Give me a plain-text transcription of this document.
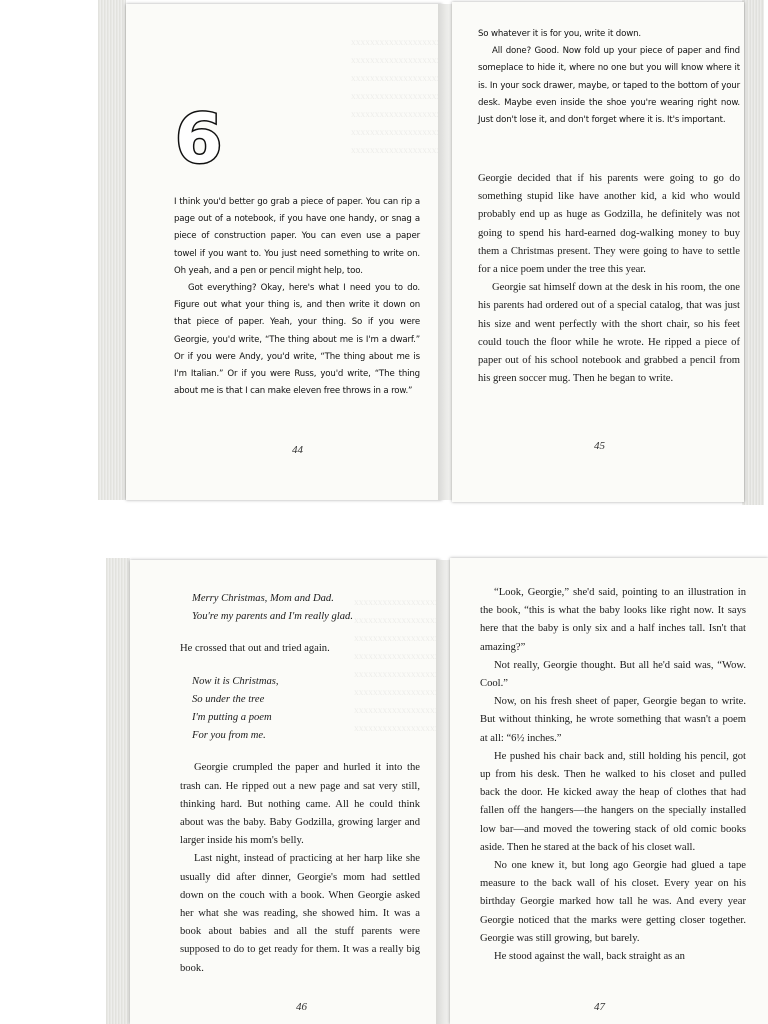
xxxxxxxxxxxxxxxxxxxxx
xxxxxxxxxxxxxxxxxxxxx
xxxxxxxxxxxxxxxxxxxxx
xxxxxxxxxxxxxxxxxxxxx
xxxxxxxxxxxxxxxxxxxxx
xxxxxxxxxxxxxxxxxxxxx
xxxxxxxxxxxxxxxxxxxxx
6

I think you'd better go grab a piece of paper. You can rip a page out of a notebook, if you have one handy, or snag a piece of construction paper. You can even use a paper towel if you want to. You just need something to write on. Oh yeah, and a pen or pencil might help, too.

Got everything? Okay, here's what I need you to do. Figure out what your thing is, and then write it down on that piece of paper. Yeah, your thing. So if you were Georgie, you'd write, “The thing about me is I'm a dwarf.” Or if you were Andy, you'd write, “The thing about me is I'm Italian.” Or if you were Russ, you'd write, “The thing about me is that I can make eleven free throws in a row.”

44

So whatever it is for you, write it down.

All done? Good. Now fold up your piece of paper and find someplace to hide it, where no one but you will know where it is. In your sock drawer, maybe, or taped to the bottom of your desk. Maybe even inside the shoe you're wearing right now. Just don't lose it, and don't forget where it is. It's important.

Georgie decided that if his parents were going to go do something stupid like have another kid, a kid who would probably end up as huge as Godzilla, he definitely was not going to spend his hard-earned dog-walking money to buy them a Christmas present. They were going to have to settle for a nice poem under the tree this year.

Georgie sat himself down at the desk in his room, the one his parents had ordered out of a special catalog, that was just his size and went perfectly with the short chair, so his feet could touch the floor while he wrote. He ripped a piece of paper out of his school notebook and grabbed a pencil from his green soccer mug. Then he began to write.

45
xxxxxxxxxxxxxxxxxxxxx
xxxxxxxxxxxxxxxxxxxxx
xxxxxxxxxxxxxxxxxxxxx
xxxxxxxxxxxxxxxxxxxxx
xxxxxxxxxxxxxxxxxxxxx
xxxxxxxxxxxxxxxxxxxxx
xxxxxxxxxxxxxxxxxxxxx
xxxxxxxxxxxxxxxxxxxxx

Merry Christmas, Mom and Dad.

You're my parents and I'm really glad.

He crossed that out and tried again.

Now it is Christmas,

So under the tree

I'm putting a poem

For you from me.

Georgie crumpled the paper and hurled it into the trash can. He ripped out a new page and sat very still, thinking hard. But nothing came. All he could think about was the baby. Baby Godzilla, growing larger and larger inside his mom's belly.

Last night, instead of practicing at her harp like she usually did after dinner, Georgie's mom had settled down on the couch with a book. When Georgie asked her what she was reading, she showed him. It was a book about babies and all the stuff parents were supposed to do to get ready for them. It was a really big book.

46

“Look, Georgie,” she'd said, pointing to an illustration in the book, “this is what the baby looks like right now. It says here that the baby is only six and a half inches tall. Isn't that amazing?”

Not really, Georgie thought. But all he'd said was, “Wow. Cool.”

Now, on his fresh sheet of paper, Georgie began to write. But without thinking, he wrote something that wasn't a poem at all: “6½ inches.”

He pushed his chair back and, still holding his pencil, got up from his desk. Then he walked to his closet and pulled back the door. He kicked away the heap of clothes that had fallen off the hangers—the hangers on the specially installed low bar—and moved the towering stack of old comic books aside. Then he stared at the back of his closet wall.

No one knew it, but long ago Georgie had glued a tape measure to the back wall of his closet. Every year on his birthday Georgie marked how tall he was. And every year Georgie noticed that the marks were getting closer together. Georgie was still growing, but barely.

He stood against the wall, back straight as an

47
